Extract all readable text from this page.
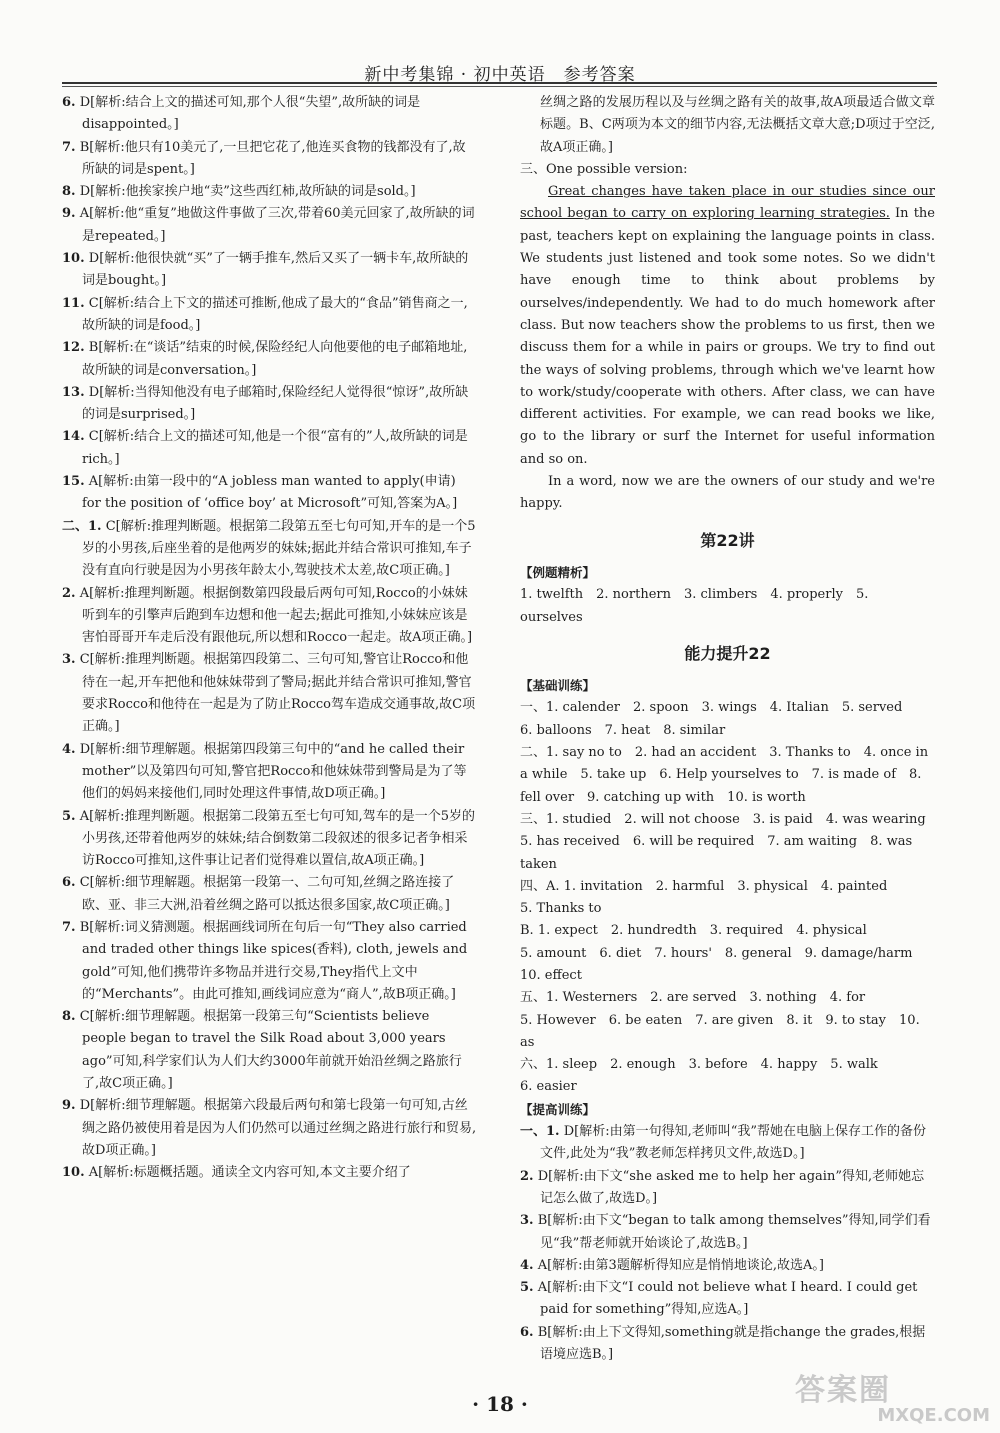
新中考集锦 · 初中英语　参考答案

6. D[解析:结合上文的描述可知,那个人很“失望”,故所缺的词是disappointed。]

7. B[解析:他只有10美元了,一旦把它花了,他连买食物的钱都没有了,故所缺的词是spent。]

8. D[解析:他挨家挨户地“卖”这些西红柿,故所缺的词是sold。]

9. A[解析:他“重复”地做这件事做了三次,带着60美元回家了,故所缺的词是repeated。]

10. D[解析:他很快就“买”了一辆手推车,然后又买了一辆卡车,故所缺的词是bought。]

11. C[解析:结合上下文的描述可推断,他成了最大的“食品”销售商之一,故所缺的词是food。]

12. B[解析:在“谈话”结束的时候,保险经纪人向他要他的电子邮箱地址,故所缺的词是conversation。]

13. D[解析:当得知他没有电子邮箱时,保险经纪人觉得很“惊讶”,故所缺的词是surprised。]

14. C[解析:结合上文的描述可知,他是一个很“富有的”人,故所缺的词是rich。]

15. A[解析:由第一段中的“A jobless man wanted to apply(申请) for the position of ‘office boy’ at Microsoft”可知,答案为A。]

二、1. C[解析:推理判断题。根据第二段第五至七句可知,开车的是一个5岁的小男孩,后座坐着的是他两岁的妹妹;据此并结合常识可推知,车子没有直向行驶是因为小男孩年龄太小,驾驶技术太差,故C项正确。]

2. A[解析:推理判断题。根据倒数第四段最后两句可知,Rocco的小妹妹听到车的引擎声后跑到车边想和他一起去;据此可推知,小妹妹应该是害怕哥哥开车走后没有跟他玩,所以想和Rocco一起走。故A项正确。]

3. C[解析:推理判断题。根据第四段第二、三句可知,警官让Rocco和他待在一起,开车把他和他妹妹带到了警局;据此并结合常识可推知,警官要求Rocco和他待在一起是为了防止Rocco驾车造成交通事故,故C项正确。]

4. D[解析:细节理解题。根据第四段第三句中的“and he called their mother”以及第四句可知,警官把Rocco和他妹妹带到警局是为了等他们的妈妈来接他们,同时处理这件事情,故D项正确。]

5. A[解析:推理判断题。根据第二段第五至七句可知,驾车的是一个5岁的小男孩,还带着他两岁的妹妹;结合倒数第二段叙述的很多记者争相采访Rocco可推知,这件事让记者们觉得难以置信,故A项正确。]

6. C[解析:细节理解题。根据第一段第一、二句可知,丝绸之路连接了欧、亚、非三大洲,沿着丝绸之路可以抵达很多国家,故C项正确。]

7. B[解析:词义猜测题。根据画线词所在句后一句“They also carried and traded other things like spices(香料), cloth, jewels and gold”可知,他们携带许多物品并进行交易,They指代上文中的“Merchants”。由此可推知,画线词应意为“商人”,故B项正确。]

8. C[解析:细节理解题。根据第一段第三句“Scientists believe people began to travel the Silk Road about 3,000 years ago”可知,科学家们认为人们大约3000年前就开始沿丝绸之路旅行了,故C项正确。]

9. D[解析:细节理解题。根据第六段最后两句和第七段第一句可知,古丝绸之路仍被使用着是因为人们仍然可以通过丝绸之路进行旅行和贸易,故D项正确。]

10. A[解析:标题概括题。通读全文内容可知,本文主要介绍了

丝绸之路的发展历程以及与丝绸之路有关的故事,故A项最适合做文章标题。B、C两项为本文的细节内容,无法概括文章大意;D项过于空泛,故A项正确。]

三、One possible version:

Great changes have taken place in our studies since our school began to carry on exploring learning strategies. In the past, teachers kept on explaining the language points in class. We students just listened and took some notes. So we didn't have enough time to think about problems by ourselves/independently. We had to do much homework after class. But now teachers show the problems to us first, then we discuss them for a while in pairs or groups. We try to find out the ways of solving problems, through which we've learnt how to work/study/cooperate with others. After class, we can have different activities. For example, we can read books we like, go to the library or surf the Internet for useful information and so on.

In a word, now we are the owners of our study and we're happy.

第22讲

【例题精析】

1. twelfth　2. northern　3. climbers　4. properly　5. ourselves

能力提升22

【基础训练】

一、1. calender　2. spoon　3. wings　4. Italian　5. served

6. balloons　7. heat　8. similar

二、1. say no to　2. had an accident　3. Thanks to　4. once in a while　5. take up　6. Help yourselves to　7. is made of　8. fell over　9. catching up with　10. is worth

三、1. studied　2. will not choose　3. is paid　4. was wearing　5. has received　6. will be required　7. am waiting　8. was taken

四、A. 1. invitation　2. harmful　3. physical　4. painted

5. Thanks to

B. 1. expect　2. hundredth　3. required　4. physical

5. amount　6. diet　7. hours'　8. general　9. damage/harm

10. effect

五、1. Westerners　2. are served　3. nothing　4. for

5. However　6. be eaten　7. are given　8. it　9. to stay　10. as

六、1. sleep　2. enough　3. before　4. happy　5. walk

6. easier

【提高训练】

一、1. D[解析:由第一句得知,老师叫“我”帮她在电脑上保存工作的备份文件,此处为“我”教老师怎样拷贝文件,故选D。]

2. D[解析:由下文“she asked me to help her again”得知,老师她忘记怎么做了,故选D。]

3. B[解析:由下文“began to talk among themselves”得知,同学们看见“我”帮老师就开始谈论了,故选B。]

4. A[解析:由第3题解析得知应是悄悄地谈论,故选A。]

5. A[解析:由下文“I could not believe what I heard. I could get paid for something”得知,应选A。]

6. B[解析:由上下文得知,something就是指change the grades,根据语境应选B。]

· 18 ·	答案圈
MXQE.COM
